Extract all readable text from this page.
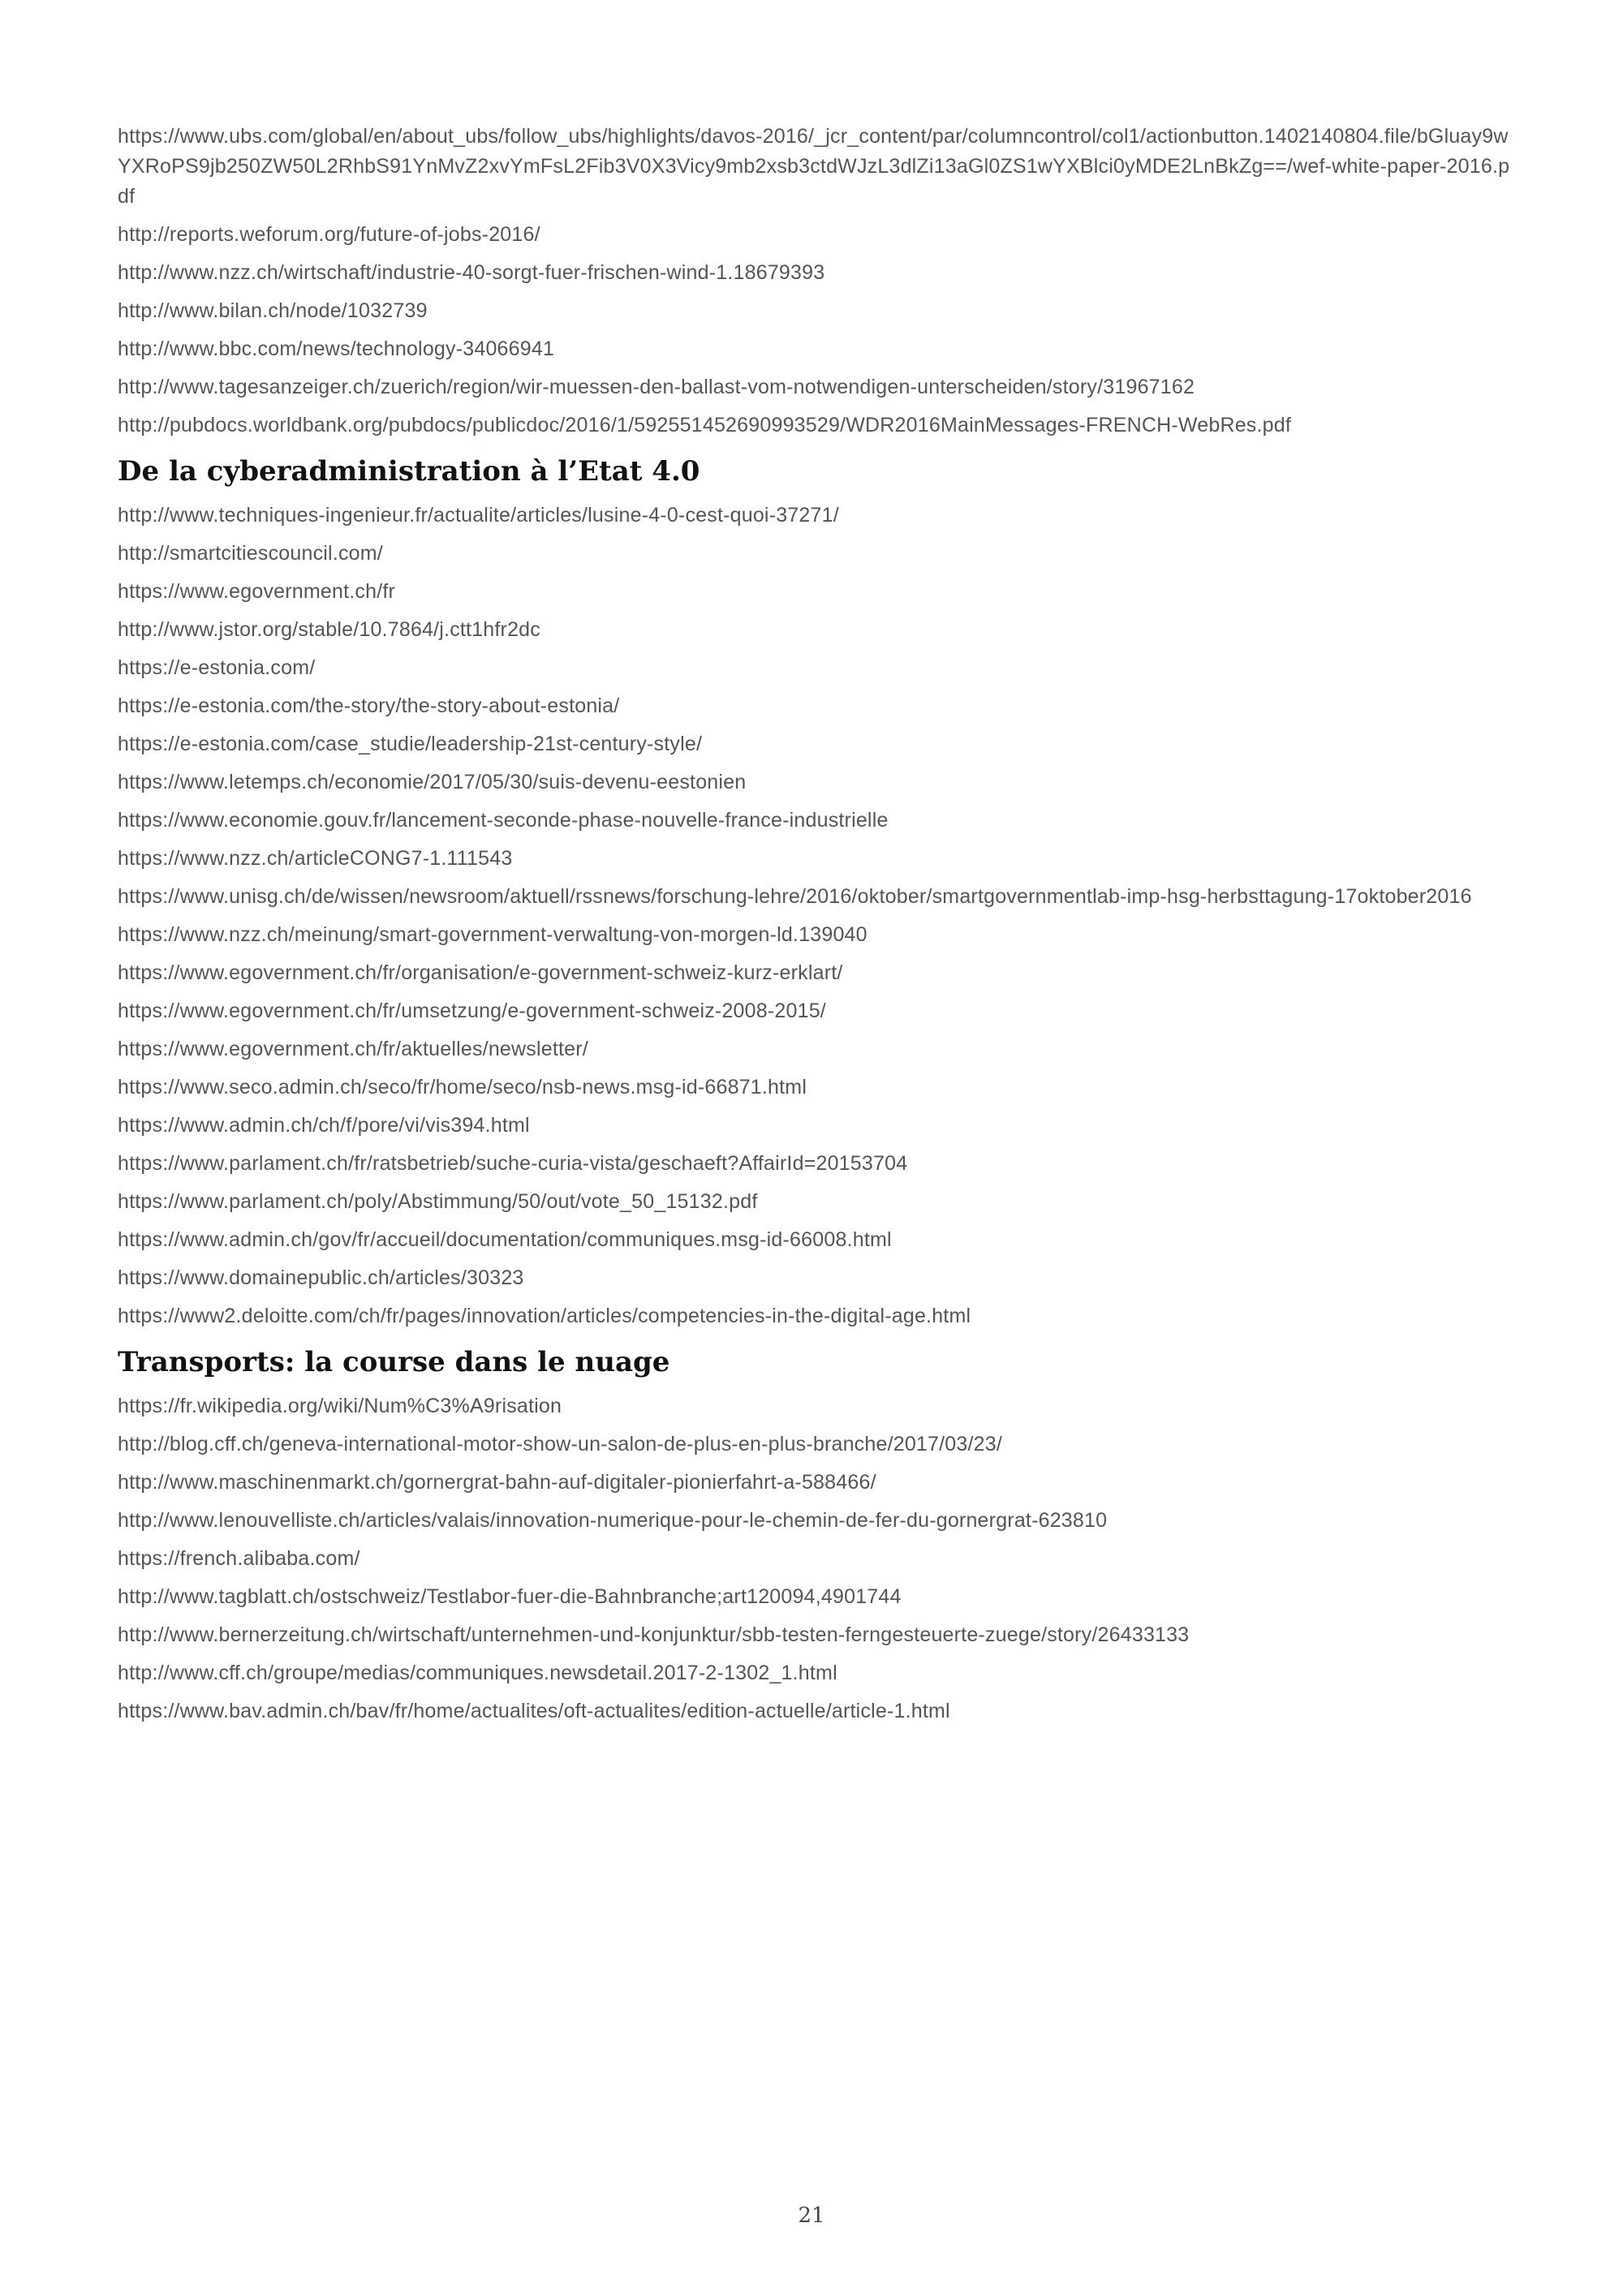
https://www.ubs.com/global/en/about_ubs/follow_ubs/highlights/davos-2016/_jcr_content/par/columncontrol/col1/actionbutton.1402140804.file/bGluay9wYXRoPS9jb250ZW50L2RhbS91YnMvZ2xvYmFsL2Fib3V0X3Vicy9mb2xsb3ctdWJzL3dlZi13aGl0ZS1wYXBlci0yMDE2LnBkZg==/wef-white-paper-2016.pdf
http://reports.weforum.org/future-of-jobs-2016/
http://www.nzz.ch/wirtschaft/industrie-40-sorgt-fuer-frischen-wind-1.18679393
http://www.bilan.ch/node/1032739
http://www.bbc.com/news/technology-34066941
http://www.tagesanzeiger.ch/zuerich/region/wir-muessen-den-ballast-vom-notwendigen-unterscheiden/story/31967162
http://pubdocs.worldbank.org/pubdocs/publicdoc/2016/1/592551452690993529/WDR2016MainMessages-FRENCH-WebRes.pdf
De la cyberadministration à l’Etat 4.0
http://www.techniques-ingenieur.fr/actualite/articles/lusine-4-0-cest-quoi-37271/
http://smartcitiescouncil.com/
https://www.egovernment.ch/fr
http://www.jstor.org/stable/10.7864/j.ctt1hfr2dc
https://e-estonia.com/
https://e-estonia.com/the-story/the-story-about-estonia/
https://e-estonia.com/case_studie/leadership-21st-century-style/
https://www.letemps.ch/economie/2017/05/30/suis-devenu-eestonien
https://www.economie.gouv.fr/lancement-seconde-phase-nouvelle-france-industrielle
https://www.nzz.ch/articleCONG7-1.111543
https://www.unisg.ch/de/wissen/newsroom/aktuell/rssnews/forschung-lehre/2016/oktober/smartgovernmentlab-imp-hsg-herbsttagung-17oktober2016
https://www.nzz.ch/meinung/smart-government-verwaltung-von-morgen-ld.139040
https://www.egovernment.ch/fr/organisation/e-government-schweiz-kurz-erklart/
https://www.egovernment.ch/fr/umsetzung/e-government-schweiz-2008-2015/
https://www.egovernment.ch/fr/aktuelles/newsletter/
https://www.seco.admin.ch/seco/fr/home/seco/nsb-news.msg-id-66871.html
https://www.admin.ch/ch/f/pore/vi/vis394.html
https://www.parlament.ch/fr/ratsbetrieb/suche-curia-vista/geschaeft?AffairId=20153704
https://www.parlament.ch/poly/Abstimmung/50/out/vote_50_15132.pdf
https://www.admin.ch/gov/fr/accueil/documentation/communiques.msg-id-66008.html
https://www.domainepublic.ch/articles/30323
https://www2.deloitte.com/ch/fr/pages/innovation/articles/competencies-in-the-digital-age.html
Transports: la course dans le nuage
https://fr.wikipedia.org/wiki/Num%C3%A9risation
http://blog.cff.ch/geneva-international-motor-show-un-salon-de-plus-en-plus-branche/2017/03/23/
http://www.maschinenmarkt.ch/gornergrat-bahn-auf-digitaler-pionierfahrt-a-588466/
http://www.lenouvelliste.ch/articles/valais/innovation-numerique-pour-le-chemin-de-fer-du-gornergrat-623810
https://french.alibaba.com/
http://www.tagblatt.ch/ostschweiz/Testlabor-fuer-die-Bahnbranche;art120094,4901744
http://www.bernerzeitung.ch/wirtschaft/unternehmen-und-konjunktur/sbb-testen-ferngesteuerte-zuege/story/26433133
http://www.cff.ch/groupe/medias/communiques.newsdetail.2017-2-1302_1.html
https://www.bav.admin.ch/bav/fr/home/actualites/oft-actualites/edition-actuelle/article-1.html
21
